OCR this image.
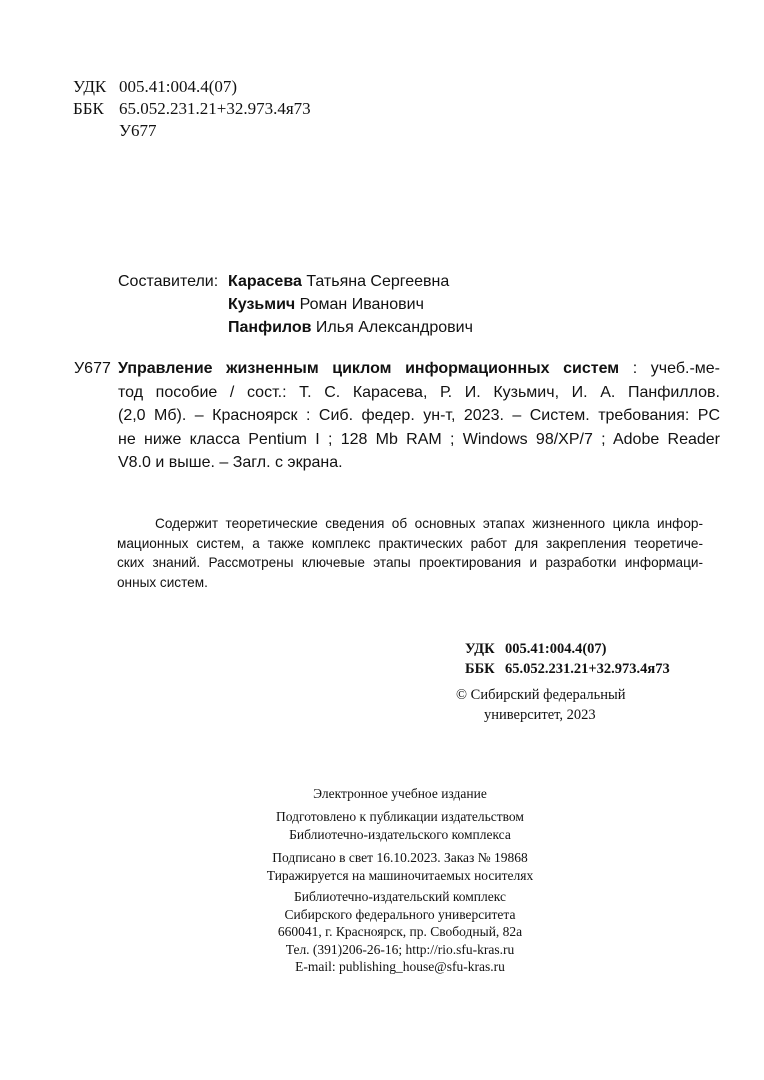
УДК 005.41:004.4(07)
ББК 65.052.231.21+32.973.4я73
У677
Составители: Карасева Татьяна Сергеевна
Кузьмич Роман Иванович
Панфилов Илья Александрович
У677 Управление жизненным циклом информационных систем : учеб.-ме-
тод пособие / сост.: Т. С. Карасева, Р. И. Кузьмич, И. А. Панфиллов.
(2,0 Мб). – Красноярск : Сиб. федер. ун-т, 2023. – Систем. требования: PC
не ниже класса Pentium I ; 128 Mb RAM ; Windows 98/XP/7 ; Adobe Reader
V8.0 и выше. – Загл. с экрана.
Содержит теоретические сведения об основных этапах жизненного цикла инфор-
мационных систем, а также комплекс практических работ для закрепления теоретиче-
ских знаний. Рассмотрены ключевые этапы проектирования и разработки информаци-
онных систем.
УДК 005.41:004.4(07)
ББК 65.052.231.21+32.973.4я73
© Сибирский федеральный
университет, 2023
Электронное учебное издание
Подготовлено к публикации издательством
Библиотечно-издательского комплекса
Подписано в свет 16.10.2023. Заказ № 19868
Тиражируется на машиночитаемых носителях
Библиотечно-издательский комплекс
Сибирского федерального университета
660041, г. Красноярск, пр. Свободный, 82а
Тел. (391)206-26-16; http://rio.sfu-kras.ru
E-mail: publishing_house@sfu-kras.ru
